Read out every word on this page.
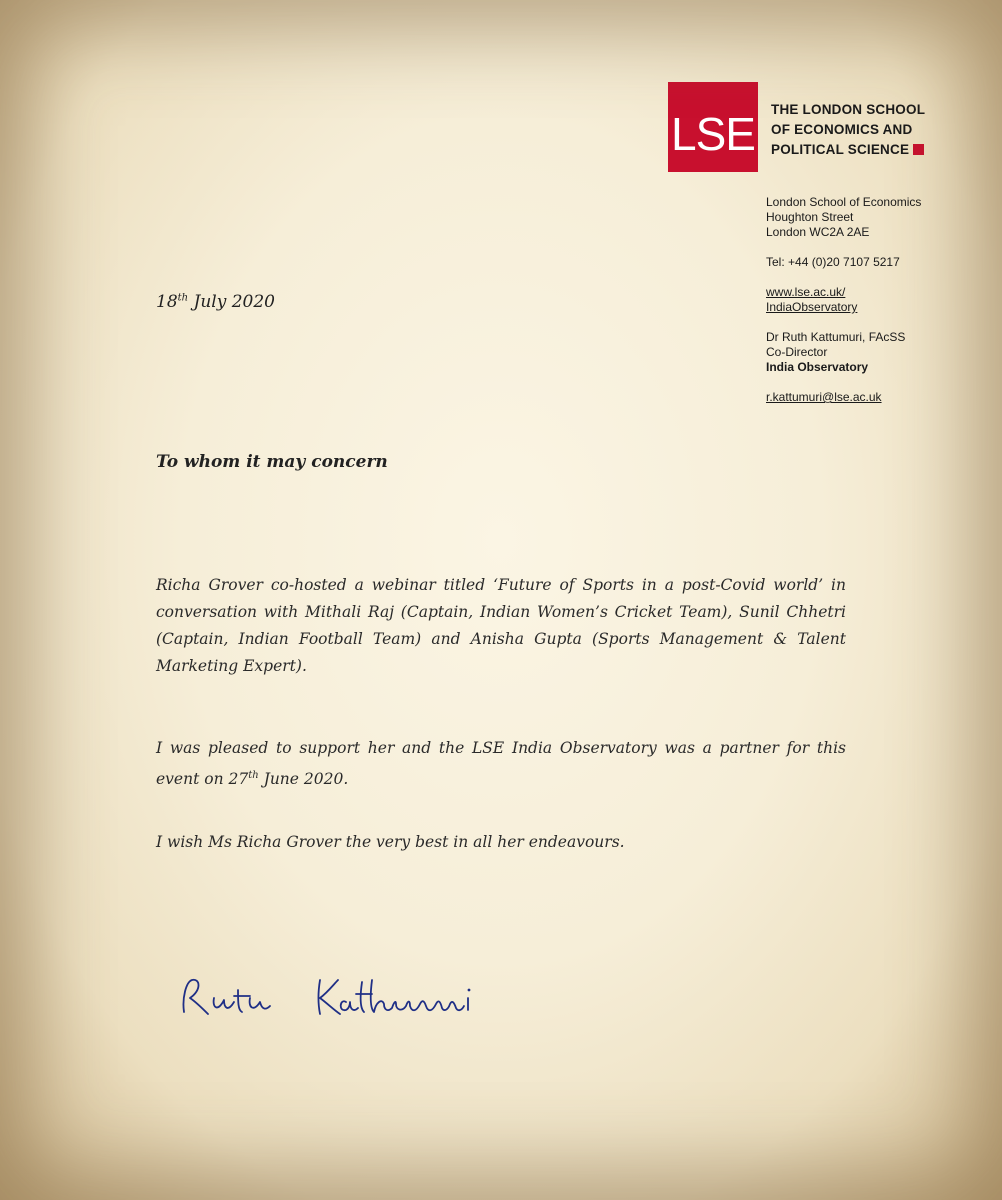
LSE THE LONDON SCHOOL
OF ECONOMICS AND
POLITICAL SCIENCE
London School of Economics
Houghton Street
London WC2A 2AE
Tel: +44 (0)20 7107 5217
www.lse.ac.uk/
IndiaObservatory
Dr Ruth Kattumuri, FAcSS
Co-Director
India Observatory
r.kattumuri@lse.ac.uk
18th July 2020
To whom it may concern
Richa Grover co-hosted a webinar titled ‘Future of Sports in a post-Covid world’ in conversation with Mithali Raj (Captain, Indian Women’s Cricket Team), Sunil Chhetri (Captain, Indian Football Team) and Anisha Gupta (Sports Management & Talent Marketing Expert).
I was pleased to support her and the LSE India Observatory was a partner for this event on 27th June 2020.
I wish Ms Richa Grover the very best in all her endeavours.
